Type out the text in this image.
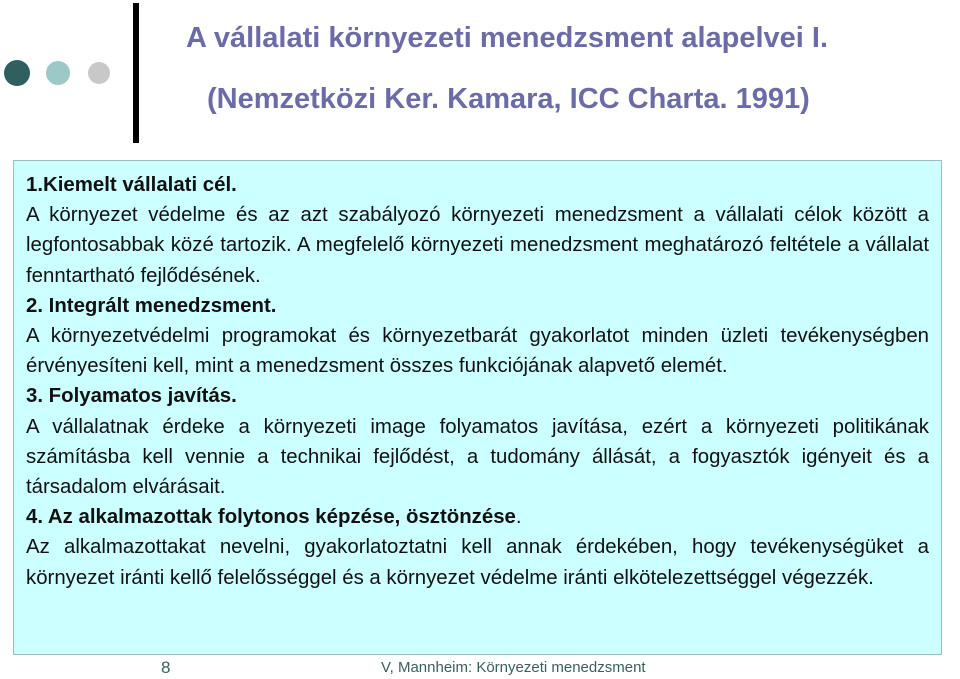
A vállalati környezeti menedzsment alapelvei I.
(Nemzetközi Ker. Kamara, ICC Charta. 1991)

1.Kiemelt vállalati cél.

A környezet védelme és az azt szabályozó környezeti menedzsment a vállalati célok között a legfontosabbak közé tartozik. A megfelelő környezeti menedzsment meghatározó feltétele a vállalat fenntartható fejlődésének.

2. Integrált menedzsment.

A környezetvédelmi programokat és környezetbarát gyakorlatot minden üzleti tevékenységben érvényesíteni kell, mint a menedzsment összes funkciójának alapvető elemét.

3. Folyamatos javítás.

A vállalatnak érdeke a környezeti image folyamatos javítása, ezért a környezeti politikának számításba kell vennie a technikai fejlődést, a tudomány állását, a fogyasztók igényeit és a társadalom elvárásait.

4. Az alkalmazottak folytonos képzése, ösztönzése.

Az alkalmazottakat nevelni, gyakorlatoztatni kell annak érdekében, hogy tevékenységüket a környezet iránti kellő felelősséggel és a környezet védelme iránti elkötelezettséggel végezzék.

8	V, Mannheim: Környezeti menedzsment
